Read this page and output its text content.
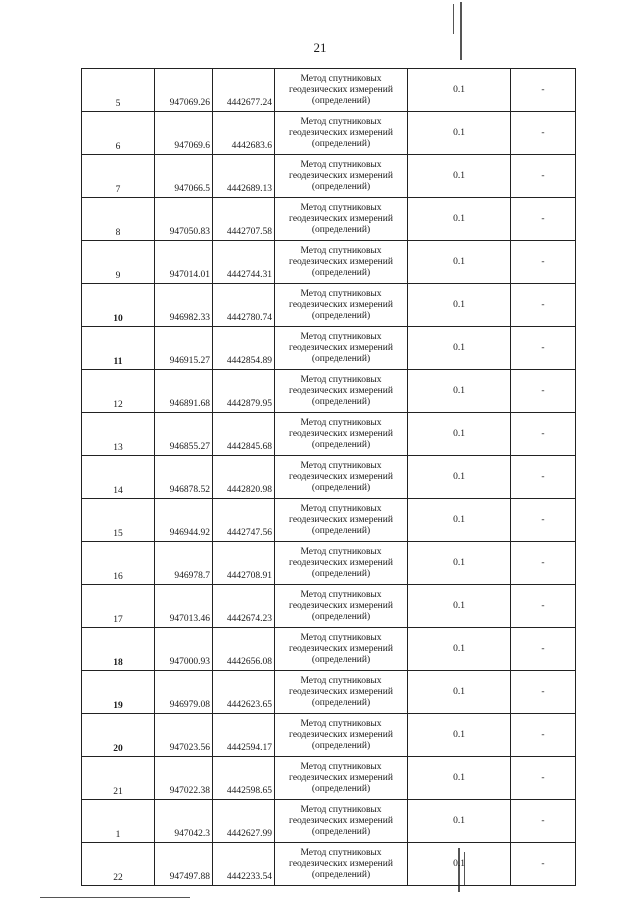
21
5	947069.26	4442677.24	Метод спутниковых геодезических измерений (определений)	0.1	-
6	947069.6	4442683.6	Метод спутниковых геодезических измерений (определений)	0.1	-
7	947066.5	4442689.13	Метод спутниковых геодезических измерений (определений)	0.1	-
8	947050.83	4442707.58	Метод спутниковых геодезических измерений (определений)	0.1	-
9	947014.01	4442744.31	Метод спутниковых геодезических измерений (определений)	0.1	-
10	946982.33	4442780.74	Метод спутниковых геодезических измерений (определений)	0.1	-
11	946915.27	4442854.89	Метод спутниковых геодезических измерений (определений)	0.1	-
12	946891.68	4442879.95	Метод спутниковых геодезических измерений (определений)	0.1	-
13	946855.27	4442845.68	Метод спутниковых геодезических измерений (определений)	0.1	-
14	946878.52	4442820.98	Метод спутниковых геодезических измерений (определений)	0.1	-
15	946944.92	4442747.56	Метод спутниковых геодезических измерений (определений)	0.1	-
16	946978.7	4442708.91	Метод спутниковых геодезических измерений (определений)	0.1	-
17	947013.46	4442674.23	Метод спутниковых геодезических измерений (определений)	0.1	-
18	947000.93	4442656.08	Метод спутниковых геодезических измерений (определений)	0.1	-
19	946979.08	4442623.65	Метод спутниковых геодезических измерений (определений)	0.1	-
20	947023.56	4442594.17	Метод спутниковых геодезических измерений (определений)	0.1	-
21	947022.38	4442598.65	Метод спутниковых геодезических измерений (определений)	0.1	-
1	947042.3	4442627.99	Метод спутниковых геодезических измерений (определений)	0.1	-
22	947497.88	4442233.54	Метод спутниковых геодезических измерений (определений)	0.1	-
